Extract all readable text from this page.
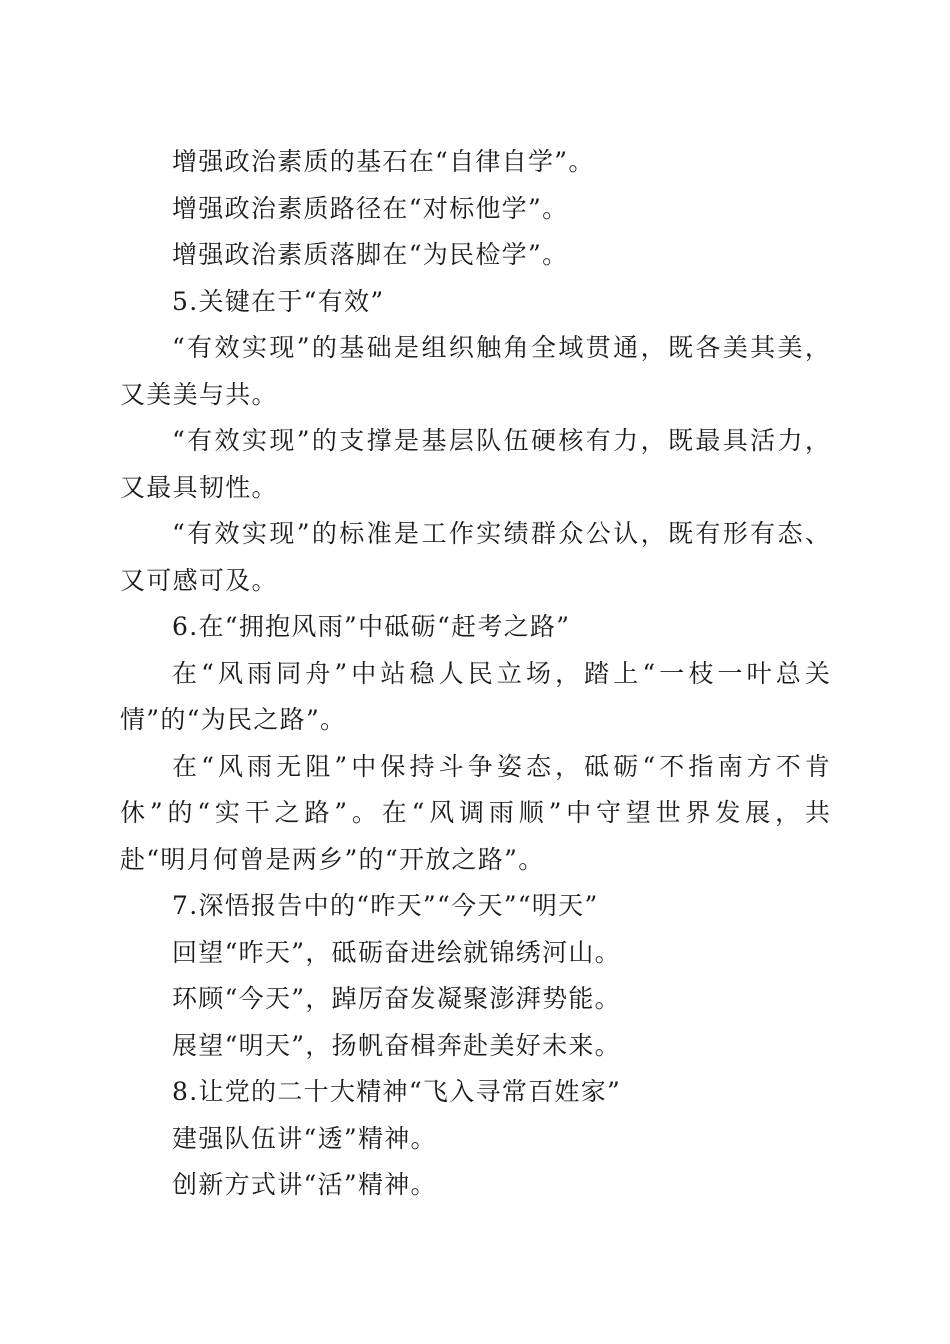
增强政治素质的基石在“自律自学”。
增强政治素质路径在“对标他学”。
增强政治素质落脚在“为民检学”。
5.关键在于“有效”
“ 有 效 实 现 ” 的 基 础 是 组 织 触 角 全 域 贯 通 ， 既 各 美 其 美 ，
又美美与共。
“ 有 效 实 现 ” 的 支 撑 是 基 层 队 伍 硬 核 有 力 ， 既 最 具 活 力 ，
又最具韧性。
“ 有 效 实 现 ” 的 标 准 是 工 作 实 绩 群 众 公 认 ， 既 有 形 有 态 、
又可感可及。
6.在“拥抱风雨”中砥砺“赶考之路”
在 “ 风 雨 同 舟 ” 中 站 稳 人 民 立 场 ， 踏 上 “ 一 枝 一 叶 总 关
情”的“为民之路”。
在 “ 风 雨 无 阻 ” 中 保 持 斗 争 姿 态 ， 砥 砺 “ 不 指 南 方 不 肯
休 ” 的 “ 实 干 之 路 ” 。 在 “ 风 调 雨 顺 ” 中 守 望 世 界 发 展 ， 共
赴“明月何曾是两乡”的“开放之路”。
7.深悟报告中的“昨天”“今天”“明天”
回望“昨天”，砥砺奋进绘就锦绣河山。
环顾“今天”，踔厉奋发凝聚澎湃势能。
展望“明天”，扬帆奋楫奔赴美好未来。
8.让党的二十大精神“飞入寻常百姓家”
建强队伍讲“透”精神。
创新方式讲“活”精神。
